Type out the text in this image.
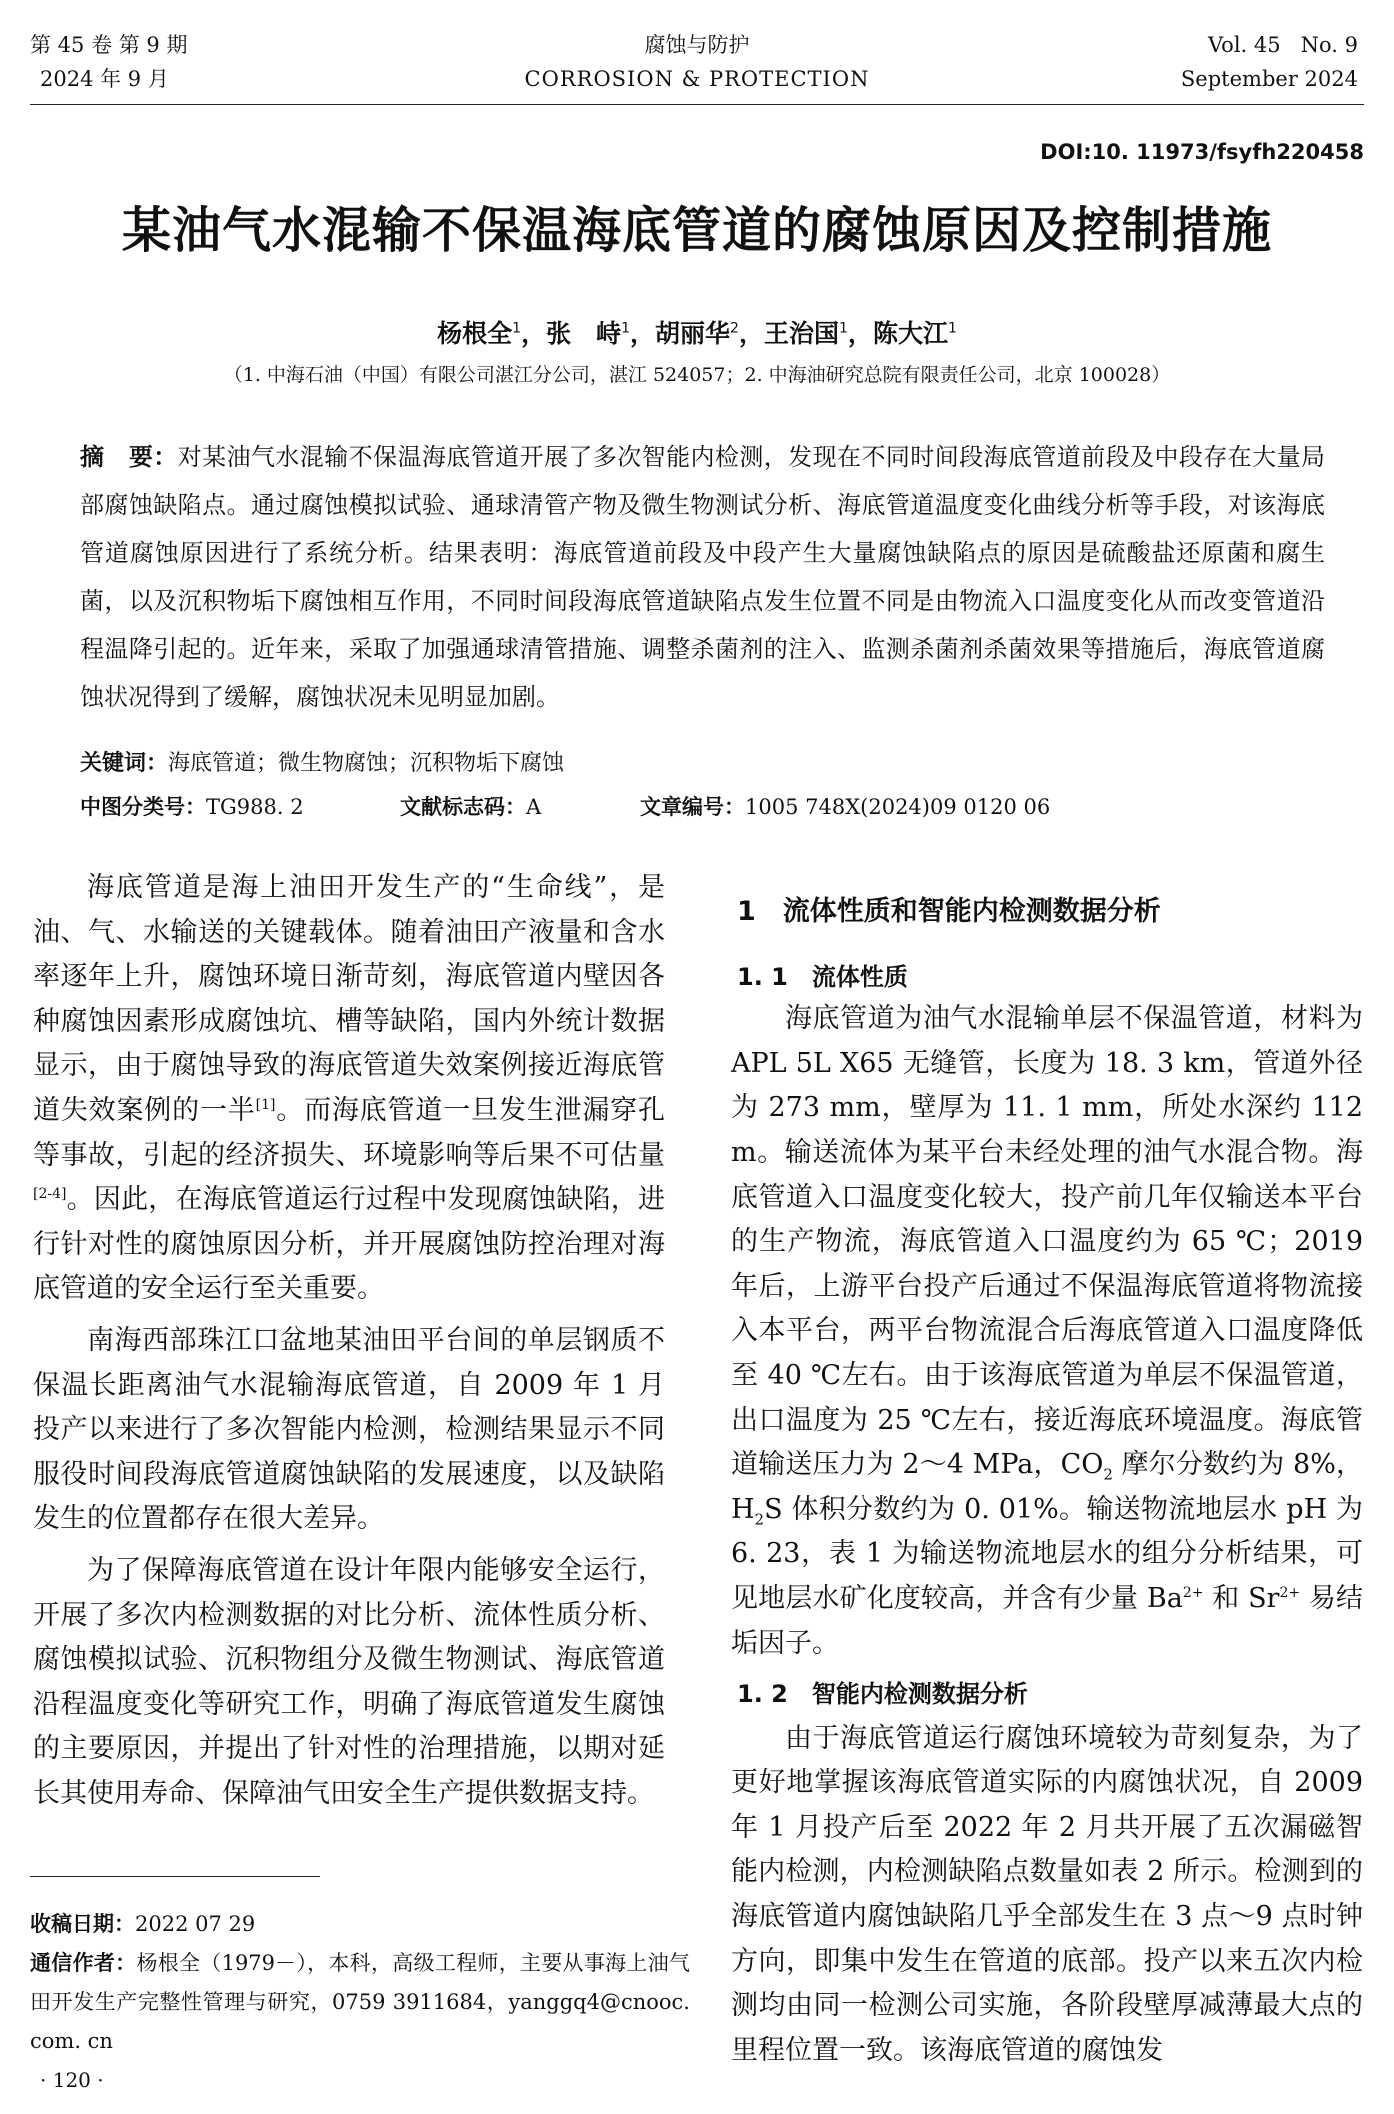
第 45 卷 第 9 期
2024 年 9 月
腐蚀与防护
CORROSION & PROTECTION
Vol. 45   No. 9
September 2024
DOI:10. 11973/fsyfh220458
某油气水混输不保温海底管道的腐蚀原因及控制措施
杨根全$^1$，张　峙$^1$，胡丽华$^2$，王治国$^1$，陈大江$^1$
（1. 中海石油（中国）有限公司湛江分公司，湛江 524057；2. 中海油研究总院有限责任公司，北京 100028）
摘　要：对某油气水混输不保温海底管道开展了多次智能内检测，发现在不同时间段海底管道前段及中段存在大量局部腐蚀缺陷点。通过腐蚀模拟试验、通球清管产物及微生物测试分析、海底管道温度变化曲线分析等手段，对该海底管道腐蚀原因进行了系统分析。结果表明：海底管道前段及中段产生大量腐蚀缺陷点的原因是硫酸盐还原菌和腐生菌，以及沉积物垢下腐蚀相互作用，不同时间段海底管道缺陷点发生位置不同是由物流入口温度变化从而改变管道沿程温降引起的。近年来，采取了加强通球清管措施、调整杀菌剂的注入、监测杀菌剂杀菌效果等措施后，海底管道腐蚀状况得到了缓解，腐蚀状况未见明显加剧。
关键词：海底管道；微生物腐蚀；沉积物垢下腐蚀
中图分类号：TG988. 2	文献标志码：A	文章编号：1005 748X(2024)09 0120 06

海底管道是海上油田开发生产的“生命线”，是油、气、水输送的关键载体。随着油田产液量和含水率逐年上升，腐蚀环境日渐苛刻，海底管道内壁因各种腐蚀因素形成腐蚀坑、槽等缺陷，国内外统计数据显示，由于腐蚀导致的海底管道失效案例接近海底管道失效案例的一半[1]。而海底管道一旦发生泄漏穿孔等事故，引起的经济损失、环境影响等后果不可估量[2-4]。因此，在海底管道运行过程中发现腐蚀缺陷，进行针对性的腐蚀原因分析，并开展腐蚀防控治理对海底管道的安全运行至关重要。

南海西部珠江口盆地某油田平台间的单层钢质不保温长距离油气水混输海底管道，自 2009 年 1 月投产以来进行了多次智能内检测，检测结果显示不同服役时间段海底管道腐蚀缺陷的发展速度，以及缺陷发生的位置都存在很大差异。

为了保障海底管道在设计年限内能够安全运行，开展了多次内检测数据的对比分析、流体性质分析、腐蚀模拟试验、沉积物组分及微生物测试、海底管道沿程温度变化等研究工作，明确了海底管道发生腐蚀的主要原因，并提出了针对性的治理措施，以期对延长其使用寿命、保障油气田安全生产提供数据支持。

1　流体性质和智能内检测数据分析
1. 1　流体性质

海底管道为油气水混输单层不保温管道，材料为 APL 5L X65 无缝管，长度为 18. 3 km，管道外径为 273 mm，壁厚为 11. 1 mm，所处水深约 112 m。输送流体为某平台未经处理的油气水混合物。海底管道入口温度变化较大，投产前几年仅输送本平台的生产物流，海底管道入口温度约为 65 ℃；2019 年后，上游平台投产后通过不保温海底管道将物流接入本平台，两平台物流混合后海底管道入口温度降低至 40 ℃左右。由于该海底管道为单层不保温管道，出口温度为 25 ℃左右，接近海底环境温度。海底管道输送压力为 2～4 MPa，$CO_2$ 摩尔分数约为 8%，$H_2S$ 体积分数约为 0. 01%。输送物流地层水 pH 为 6. 23，表 1 为输送物流地层水的组分分析结果，可见地层水矿化度较高，并含有少量 $Ba^{2+}$ 和 $Sr^{2+}$ 易结垢因子。

1. 2　智能内检测数据分析

由于海底管道运行腐蚀环境较为苛刻复杂，为了更好地掌握该海底管道实际的内腐蚀状况，自 2009 年 1 月投产后至 2022 年 2 月共开展了五次漏磁智能内检测，内检测缺陷点数量如表 2 所示。检测到的海底管道内腐蚀缺陷几乎全部发生在 3 点～9 点时钟方向，即集中发生在管道的底部。投产以来五次内检测均由同一检测公司实施，各阶段壁厚减薄最大点的里程位置一致。该海底管道的腐蚀发

收稿日期：2022 07 29
通信作者：杨根全（1979－），本科，高级工程师，主要从事海上油气田开发生产完整性管理与研究，0759 3911684，yanggq4@cnooc. com. cn
· 120 ·
